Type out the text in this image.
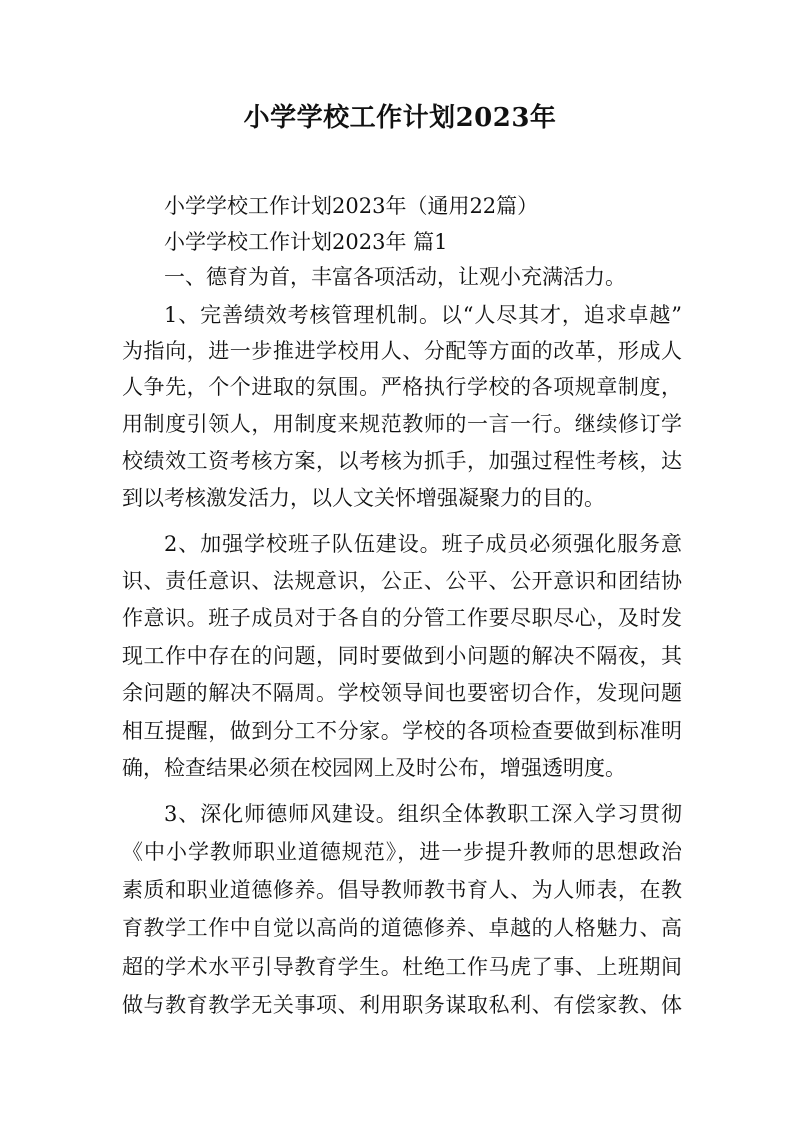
小学学校工作计划2023年
小学学校工作计划2023年（通用22篇）
小学学校工作计划2023年 篇1
一、德育为首，丰富各项活动，让观小充满活力。
1、完善绩效考核管理机制。以“人尽其才，追求卓越”
为指向，进一步推进学校用人、分配等方面的改革，形成人
人争先，个个进取的氛围。严格执行学校的各项规章制度，
用制度引领人，用制度来规范教师的一言一行。继续修订学
校绩效工资考核方案，以考核为抓手，加强过程性考核，达
到以考核激发活力，以人文关怀增强凝聚力的目的。
2、加强学校班子队伍建设。班子成员必须强化服务意
识、责任意识、法规意识，公正、公平、公开意识和团结协
作意识。班子成员对于各自的分管工作要尽职尽心，及时发
现工作中存在的问题，同时要做到小问题的解决不隔夜，其
余问题的解决不隔周。学校领导间也要密切合作，发现问题
相互提醒，做到分工不分家。学校的各项检查要做到标准明
确，检查结果必须在校园网上及时公布，增强透明度。
3、深化师德师风建设。组织全体教职工深入学习贯彻
《中小学教师职业道德规范》，进一步提升教师的思想政治
素质和职业道德修养。倡导教师教书育人、为人师表，在教
育教学工作中自觉以高尚的道德修养、卓越的人格魅力、高
超的学术水平引导教育学生。杜绝工作马虎了事、上班期间
做与教育教学无关事项、利用职务谋取私利、有偿家教、体
